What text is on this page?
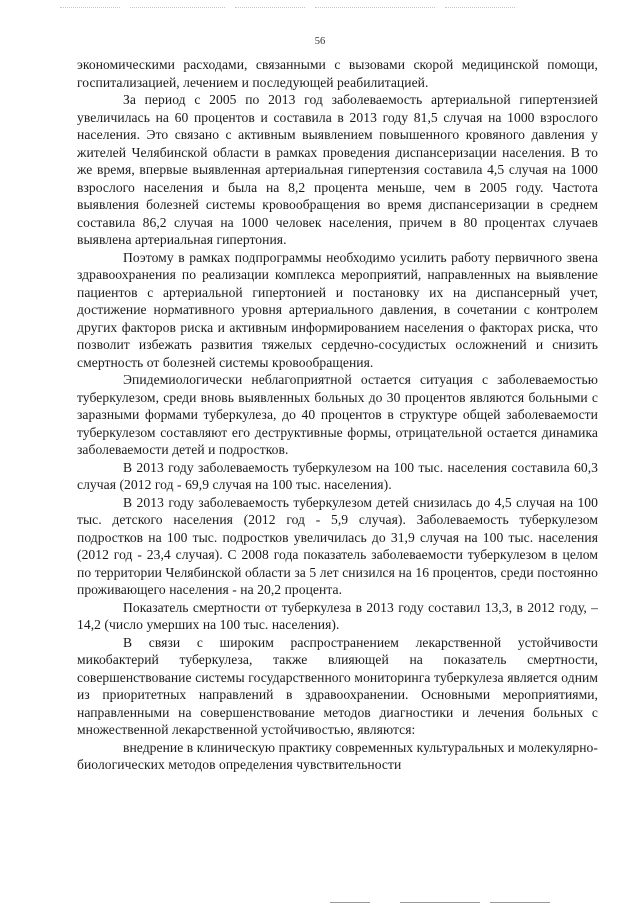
56

экономическими расходами, связанными с вызовами скорой медицинской помощи, госпитализацией, лечением и последующей реабилитацией.

За период с 2005 по 2013 год заболеваемость артериальной гипертензией увеличилась на 60 процентов и составила в 2013 году 81,5 случая на 1000 взрослого населения. Это связано с активным выявлением повышенного кровяного давления у жителей Челябинской области в рамках проведения диспансеризации населения. В то же время, впервые выявленная артериальная гипертензия составила 4,5 случая на 1000 взрослого населения и была на 8,2 процента меньше, чем в 2005 году. Частота выявления болезней системы кровообращения во время диспансеризации в среднем составила 86,2 случая на 1000 человек населения, причем в 80 процентах случаев выявлена артериальная гипертония.

Поэтому в рамках подпрограммы необходимо усилить работу первичного звена здравоохранения по реализации комплекса мероприятий, направленных на выявление пациентов с артериальной гипертонией и постановку их на диспансерный учет, достижение нормативного уровня артериального давления, в сочетании с контролем других факторов риска и активным информированием населения о факторах риска, что позволит избежать развития тяжелых сердечно-сосудистых осложнений и снизить смертность от болезней системы кровообращения.

Эпидемиологически неблагоприятной остается ситуация с заболеваемостью туберкулезом, среди вновь выявленных больных до 30 процентов являются больными с заразными формами туберкулеза, до 40 процентов в структуре общей заболеваемости туберкулезом составляют его деструктивные формы, отрицательной остается динамика заболеваемости детей и подростков.

В 2013 году заболеваемость туберкулезом на 100 тыс. населения составила 60,3 случая (2012 год - 69,9 случая на 100 тыс. населения).

В 2013 году заболеваемость туберкулезом детей снизилась до 4,5 случая на 100 тыс. детского населения (2012 год - 5,9 случая). Заболеваемость туберкулезом подростков на 100 тыс. подростков увеличилась до 31,9 случая на 100 тыс. населения (2012 год - 23,4 случая). С 2008 года показатель заболеваемости туберкулезом в целом по территории Челябинской области за 5 лет снизился на 16 процентов, среди постоянно проживающего населения - на 20,2 процента.

Показатель смертности от туберкулеза в 2013 году составил 13,3, в 2012 году, – 14,2 (число умерших на 100 тыс. населения).

В связи с широким распространением лекарственной устойчивости микобактерий туберкулеза, также влияющей на показатель смертности, совершенствование системы государственного мониторинга туберкулеза является одним из приоритетных направлений в здравоохранении. Основными мероприятиями, направленными на совершенствование методов диагностики и лечения больных с множественной лекарственной устойчивостью, являются:

внедрение в клиническую практику современных культуральных и молекулярно-биологических методов определения чувствительности
